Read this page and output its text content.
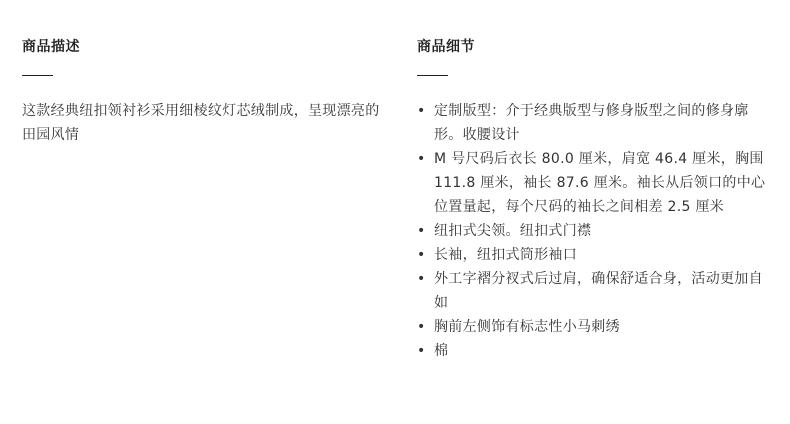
商品描述

这款经典纽扣领衬衫采用细棱纹灯芯绒制成，呈现漂亮的田园风情

商品细节
• 定制版型：介于经典版型与修身版型之间的修身廓形。收腰设计
• M 号尺码后衣长 80.0 厘米，肩宽 46.4 厘米，胸围 111.8 厘米，袖长 87.6 厘米。袖长从后领口的中心位置量起，每个尺码的袖长之间相差 2.5 厘米
• 纽扣式尖领。纽扣式门襟
• 长袖，纽扣式筒形袖口
• 外工字褶分衩式后过肩，确保舒适合身，活动更加自如
• 胸前左侧饰有标志性小马刺绣
• 棉
